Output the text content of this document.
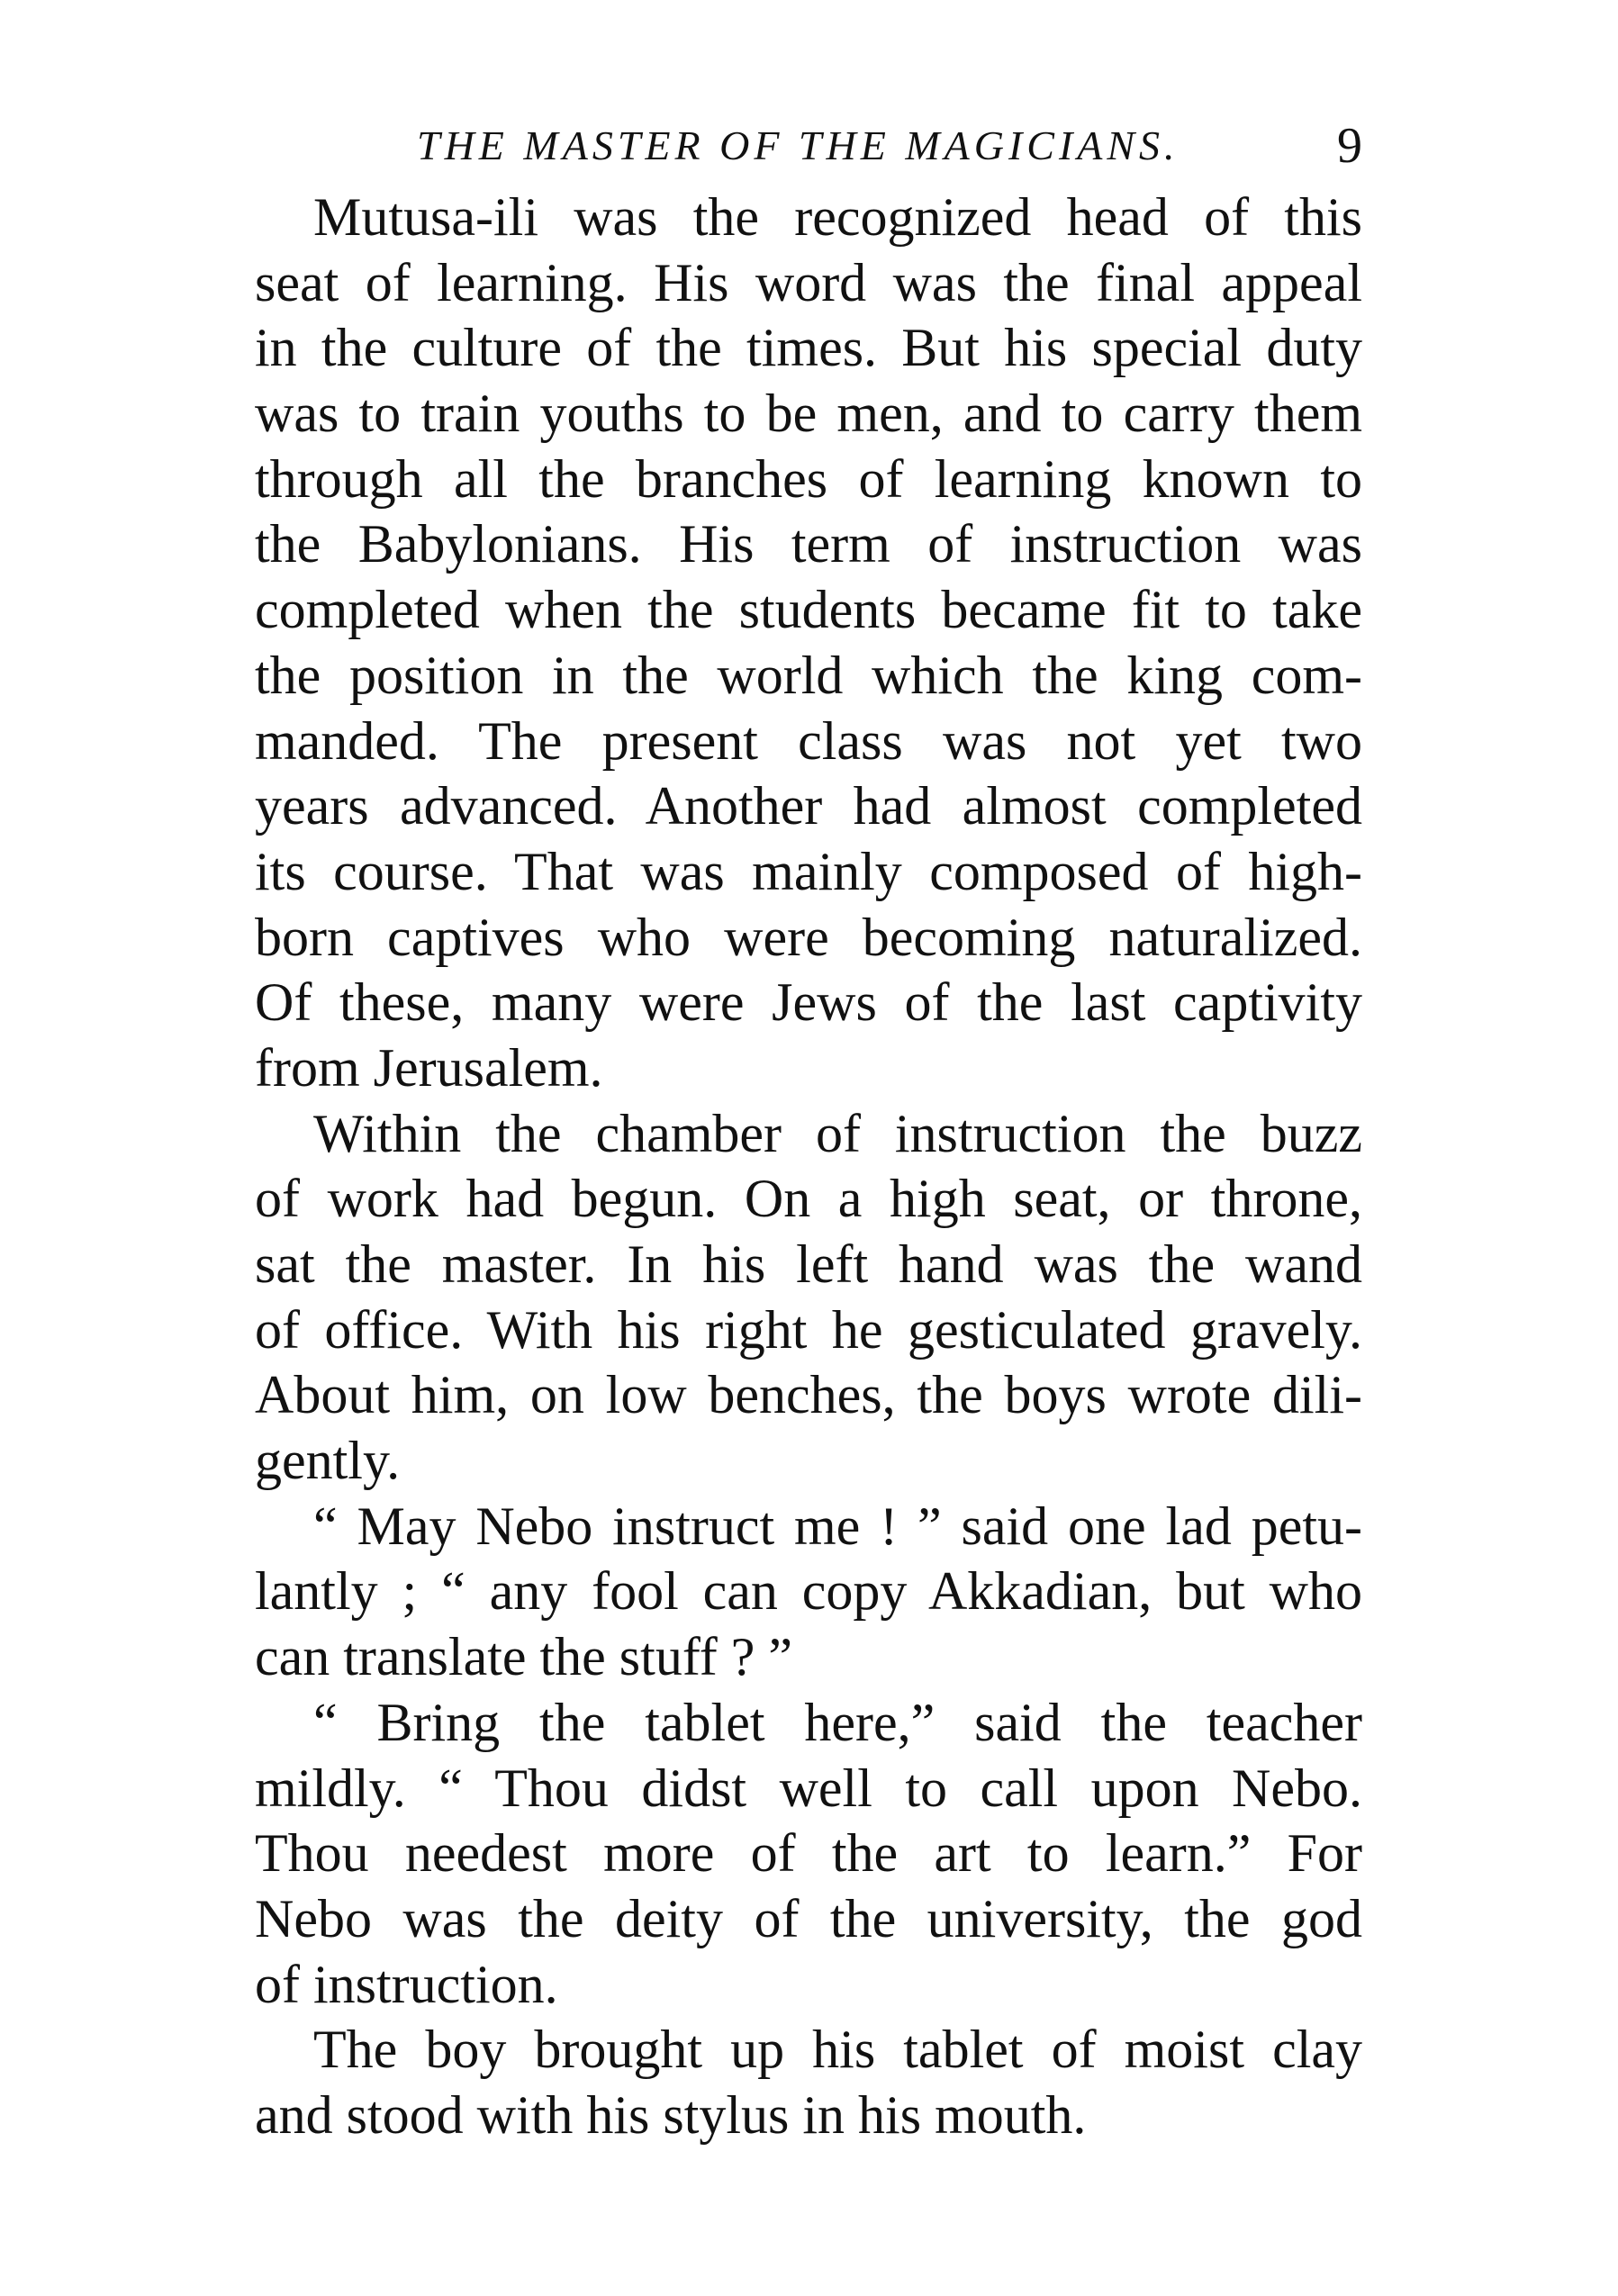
THE MASTER OF THE MAGICIANS.	9
Mutusa-ili was the recognized head of this
seat of learning. His word was the final appeal
in the culture of the times. But his special duty
was to train youths to be men, and to carry them
through all the branches of learning known to
the Babylonians. His term of instruction was
completed when the students became fit to take
the position in the world which the king com-
manded. The present class was not yet two
years advanced. Another had almost completed
its course. That was mainly composed of high-
born captives who were becoming naturalized.
Of these, many were Jews of the last captivity
from Jerusalem.
Within the chamber of instruction the buzz
of work had begun. On a high seat, or throne,
sat the master. In his left hand was the wand
of office. With his right he gesticulated gravely.
About him, on low benches, the boys wrote dili-
gently.
“ May Nebo instruct me ! ” said one lad petu-
lantly ; “ any fool can copy Akkadian, but who
can translate the stuff ? ”
“ Bring the tablet here,” said the teacher
mildly. “ Thou didst well to call upon Nebo.
Thou needest more of the art to learn.” For
Nebo was the deity of the university, the god
of instruction.
The boy brought up his tablet of moist clay
and stood with his stylus in his mouth.
